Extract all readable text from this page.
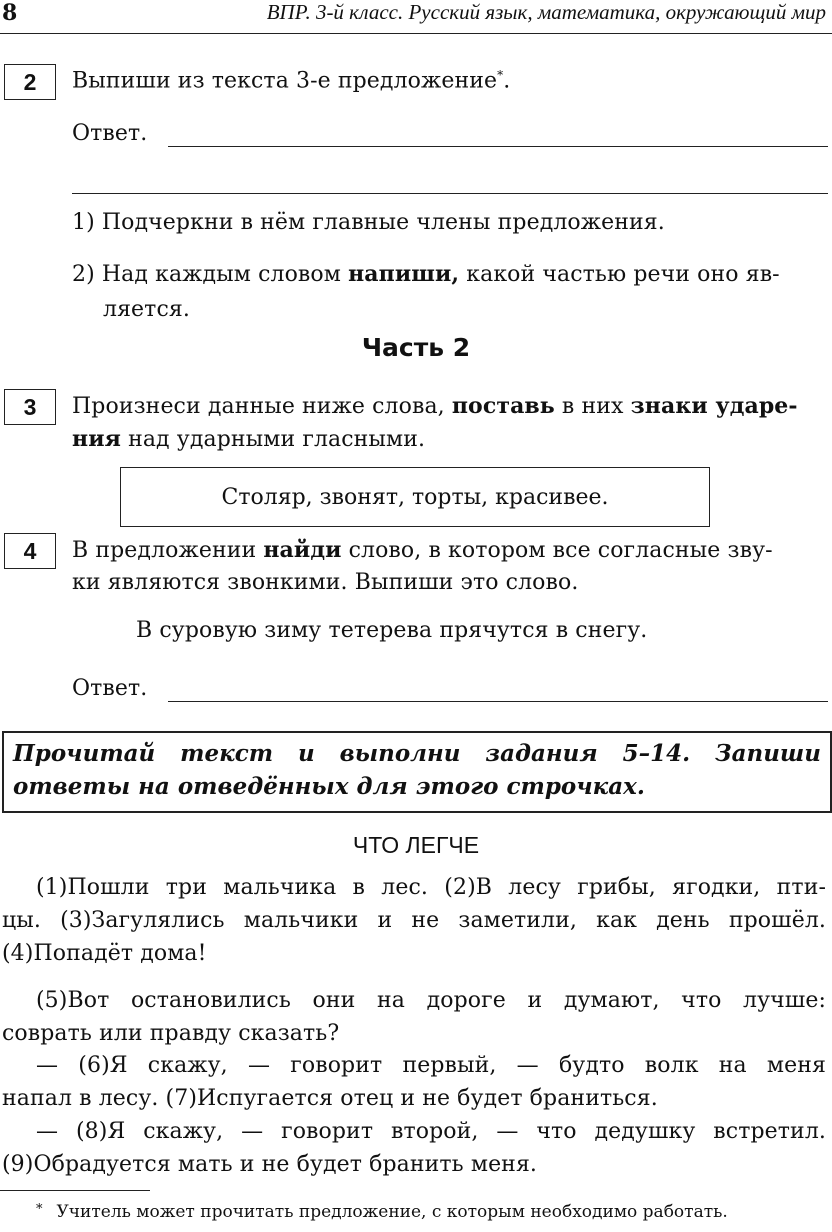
8	ВПР. 3-й класс. Русский язык, математика, окружающий мир
2	Выпиши из текста 3-е предложение*.
Ответ.
1) Подчеркни в нём главные члены предложения.
2) Над каждым словом напиши, какой частью речи оно яв-
ляется.
Часть 2
3	Произнеси данные ниже слова, поставь в них знаки ударе-
ния над ударными гласными.
Столяр, звонят, торты, красивее.
4	В предложении найди слово, в котором все согласные зву-
ки являются звонкими. Выпиши это слово.
В суровую зиму тетерева прячутся в снегу.
Ответ.
Прочитай текст и выполни задания 5–14. Запиши
ответы на отведённых для этого строчках.
ЧТО ЛЕГЧЕ
(1)Пошли три мальчика в лес. (2)В лесу грибы, ягодки, пти-
цы. (3)Загулялись мальчики и не заметили, как день прошёл.
(4)Попадёт дома!
(5)Вот остановились они на дороге и думают, что лучше:
соврать или правду сказать?
— (6)Я скажу, — говорит первый, — будто волк на меня
напал в лесу. (7)Испугается отец и не будет браниться.
— (8)Я скажу, — говорит второй, — что дедушку встретил.
(9)Обрадуется мать и не будет бранить меня.
* Учитель может прочитать предложение, с которым необходимо работать.
